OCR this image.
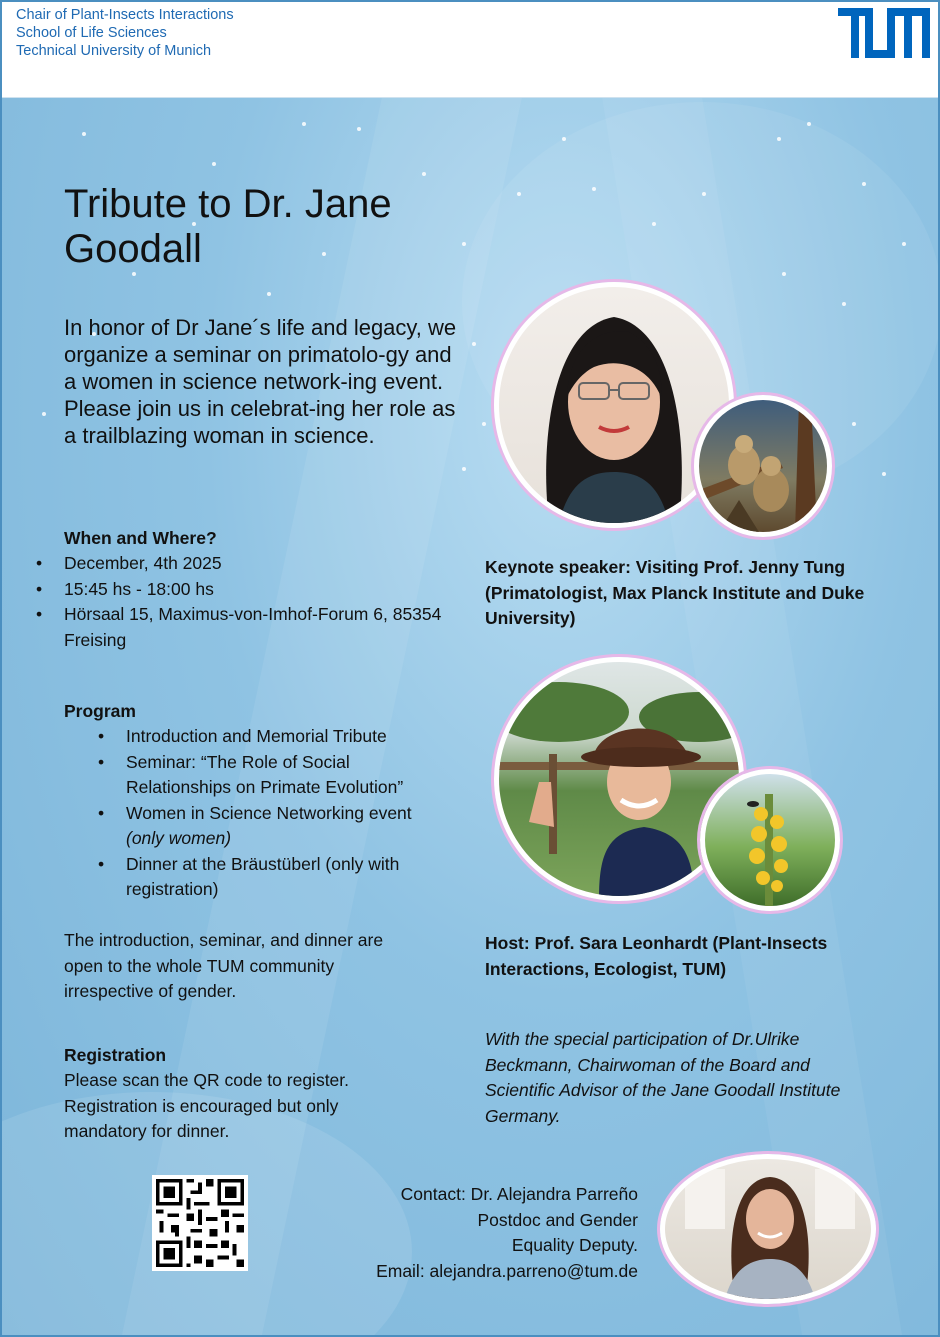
Chair of Plant-Insects Interactions
School of Life Sciences
Technical University of Munich
Tribute to Dr. Jane Goodall

In honor of Dr Jane´s life and legacy, we organize a seminar on primatolo-gy and a women in science network-ing event. Please join us in celebrat-ing her role as a trailblazing woman in science.

When and Where?

• December, 4th 2025
• 15:45 hs - 18:00 hs
• Hörsaal 15, Maximus-von-Imhof-Forum 6, 85354 Freising

Program

• Introduction and Memorial Tribute
• Seminar: “The Role of Social Relationships on Primate Evolution”
• Women in Science Networking event
(only women)
• Dinner at the Bräustüberl (only with registration)

The introduction, seminar, and dinner are open to the whole TUM community irrespective of gender.

Registration

Please scan the QR code to register. Registration is encouraged but only mandatory for dinner.

Keynote speaker: Visiting Prof. Jenny Tung (Primatologist, Max Planck Institute and Duke University)

Host: Prof. Sara Leonhardt (Plant-Insects Interactions, Ecologist, TUM)

With the special participation of Dr.Ulrike Beckmann, Chairwoman of the Board and Scientific Advisor of the Jane Goodall Institute Germany.

Contact: Dr. Alejandra Parreño
Postdoc and Gender
Equality Deputy.
Email: alejandra.parreno@tum.de
